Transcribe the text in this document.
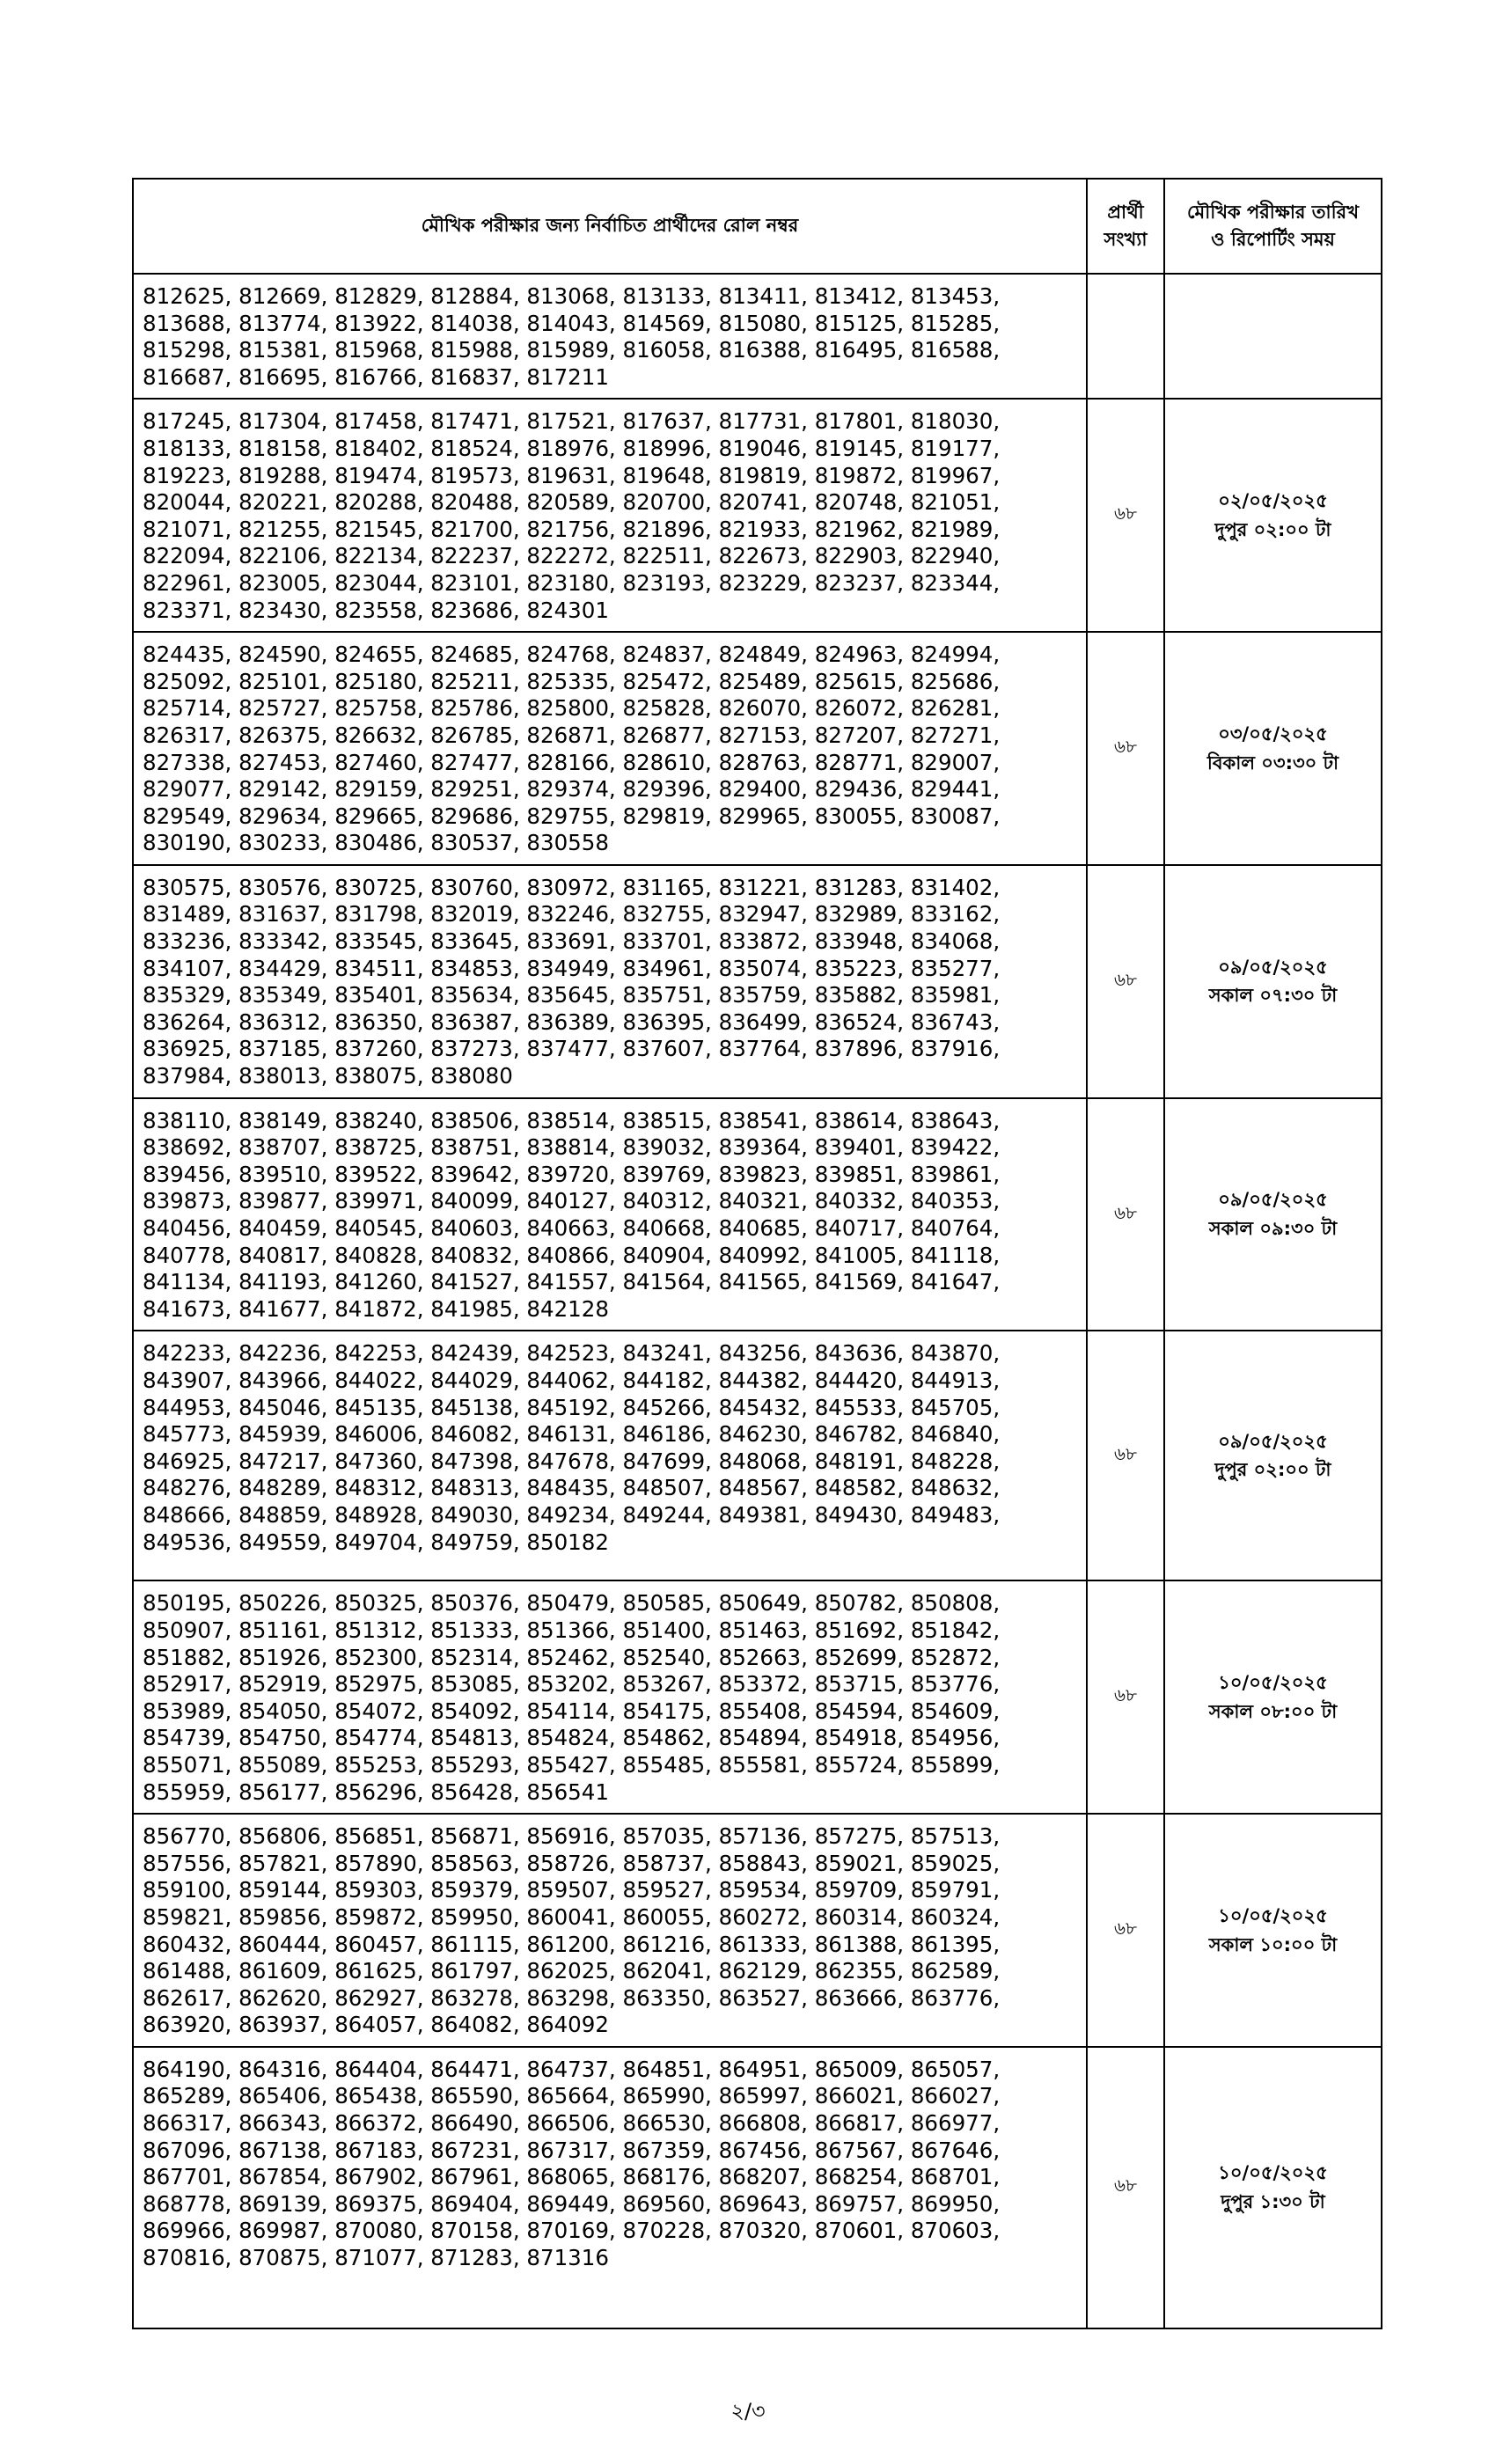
মৌখিক পরীক্ষার জন্য নির্বাচিত প্রার্থীদের রোল নম্বর	প্রার্থী সংখ্যা	মৌখিক পরীক্ষার তারিখ ও রিপোর্টিং সময়
812625, 812669, 812829, 812884, 813068, 813133, 813411, 813412, 813453, 813688, 813774, 813922, 814038, 814043, 814569, 815080, 815125, 815285, 815298, 815381, 815968, 815988, 815989, 816058, 816388, 816495, 816588, 816687, 816695, 816766, 816837, 817211		

817245, 817304, 817458, 817471, 817521, 817637, 817731, 817801, 818030, 818133, 818158, 818402, 818524, 818976, 818996, 819046, 819145, 819177, 819223, 819288, 819474, 819573, 819631, 819648, 819819, 819872, 819967, 820044, 820221, 820288, 820488, 820589, 820700, 820741, 820748, 821051, 821071, 821255, 821545, 821700, 821756, 821896, 821933, 821962, 821989, 822094, 822106, 822134, 822237, 822272, 822511, 822673, 822903, 822940, 822961, 823005, 823044, 823101, 823180, 823193, 823229, 823237, 823344, 823371, 823430, 823558, 823686, 824301	৬৮	০২/০৫/২০২৫
দুপুর ০২:০০ টা

824435, 824590, 824655, 824685, 824768, 824837, 824849, 824963, 824994, 825092, 825101, 825180, 825211, 825335, 825472, 825489, 825615, 825686, 825714, 825727, 825758, 825786, 825800, 825828, 826070, 826072, 826281, 826317, 826375, 826632, 826785, 826871, 826877, 827153, 827207, 827271, 827338, 827453, 827460, 827477, 828166, 828610, 828763, 828771, 829007, 829077, 829142, 829159, 829251, 829374, 829396, 829400, 829436, 829441, 829549, 829634, 829665, 829686, 829755, 829819, 829965, 830055, 830087, 830190, 830233, 830486, 830537, 830558	৬৮	০৩/০৫/২০২৫
বিকাল ০৩:৩০ টা

830575, 830576, 830725, 830760, 830972, 831165, 831221, 831283, 831402, 831489, 831637, 831798, 832019, 832246, 832755, 832947, 832989, 833162, 833236, 833342, 833545, 833645, 833691, 833701, 833872, 833948, 834068, 834107, 834429, 834511, 834853, 834949, 834961, 835074, 835223, 835277, 835329, 835349, 835401, 835634, 835645, 835751, 835759, 835882, 835981, 836264, 836312, 836350, 836387, 836389, 836395, 836499, 836524, 836743, 836925, 837185, 837260, 837273, 837477, 837607, 837764, 837896, 837916, 837984, 838013, 838075, 838080	৬৮	০৯/০৫/২০২৫
সকাল ০৭:৩০ টা

838110, 838149, 838240, 838506, 838514, 838515, 838541, 838614, 838643, 838692, 838707, 838725, 838751, 838814, 839032, 839364, 839401, 839422, 839456, 839510, 839522, 839642, 839720, 839769, 839823, 839851, 839861, 839873, 839877, 839971, 840099, 840127, 840312, 840321, 840332, 840353, 840456, 840459, 840545, 840603, 840663, 840668, 840685, 840717, 840764, 840778, 840817, 840828, 840832, 840866, 840904, 840992, 841005, 841118, 841134, 841193, 841260, 841527, 841557, 841564, 841565, 841569, 841647, 841673, 841677, 841872, 841985, 842128	৬৮	০৯/০৫/২০২৫
সকাল ০৯:৩০ টা

842233, 842236, 842253, 842439, 842523, 843241, 843256, 843636, 843870, 843907, 843966, 844022, 844029, 844062, 844182, 844382, 844420, 844913, 844953, 845046, 845135, 845138, 845192, 845266, 845432, 845533, 845705, 845773, 845939, 846006, 846082, 846131, 846186, 846230, 846782, 846840, 846925, 847217, 847360, 847398, 847678, 847699, 848068, 848191, 848228, 848276, 848289, 848312, 848313, 848435, 848507, 848567, 848582, 848632, 848666, 848859, 848928, 849030, 849234, 849244, 849381, 849430, 849483, 849536, 849559, 849704, 849759, 850182	৬৮	০৯/০৫/২০২৫
দুপুর ০২:০০ টা

850195, 850226, 850325, 850376, 850479, 850585, 850649, 850782, 850808, 850907, 851161, 851312, 851333, 851366, 851400, 851463, 851692, 851842, 851882, 851926, 852300, 852314, 852462, 852540, 852663, 852699, 852872, 852917, 852919, 852975, 853085, 853202, 853267, 853372, 853715, 853776, 853989, 854050, 854072, 854092, 854114, 854175, 855408, 854594, 854609, 854739, 854750, 854774, 854813, 854824, 854862, 854894, 854918, 854956, 855071, 855089, 855253, 855293, 855427, 855485, 855581, 855724, 855899, 855959, 856177, 856296, 856428, 856541	৬৮	১০/০৫/২০২৫
সকাল ০৮:০০ টা

856770, 856806, 856851, 856871, 856916, 857035, 857136, 857275, 857513, 857556, 857821, 857890, 858563, 858726, 858737, 858843, 859021, 859025, 859100, 859144, 859303, 859379, 859507, 859527, 859534, 859709, 859791, 859821, 859856, 859872, 859950, 860041, 860055, 860272, 860314, 860324, 860432, 860444, 860457, 861115, 861200, 861216, 861333, 861388, 861395, 861488, 861609, 861625, 861797, 862025, 862041, 862129, 862355, 862589, 862617, 862620, 862927, 863278, 863298, 863350, 863527, 863666, 863776, 863920, 863937, 864057, 864082, 864092	৬৮	১০/০৫/২০২৫
সকাল ১০:০০ টা

864190, 864316, 864404, 864471, 864737, 864851, 864951, 865009, 865057, 865289, 865406, 865438, 865590, 865664, 865990, 865997, 866021, 866027, 866317, 866343, 866372, 866490, 866506, 866530, 866808, 866817, 866977, 867096, 867138, 867183, 867231, 867317, 867359, 867456, 867567, 867646, 867701, 867854, 867902, 867961, 868065, 868176, 868207, 868254, 868701, 868778, 869139, 869375, 869404, 869449, 869560, 869643, 869757, 869950, 869966, 869987, 870080, 870158, 870169, 870228, 870320, 870601, 870603, 870816, 870875, 871077, 871283, 871316	৬৮	১০/০৫/২০২৫
দুপুর ১:৩০ টা
২/৩
